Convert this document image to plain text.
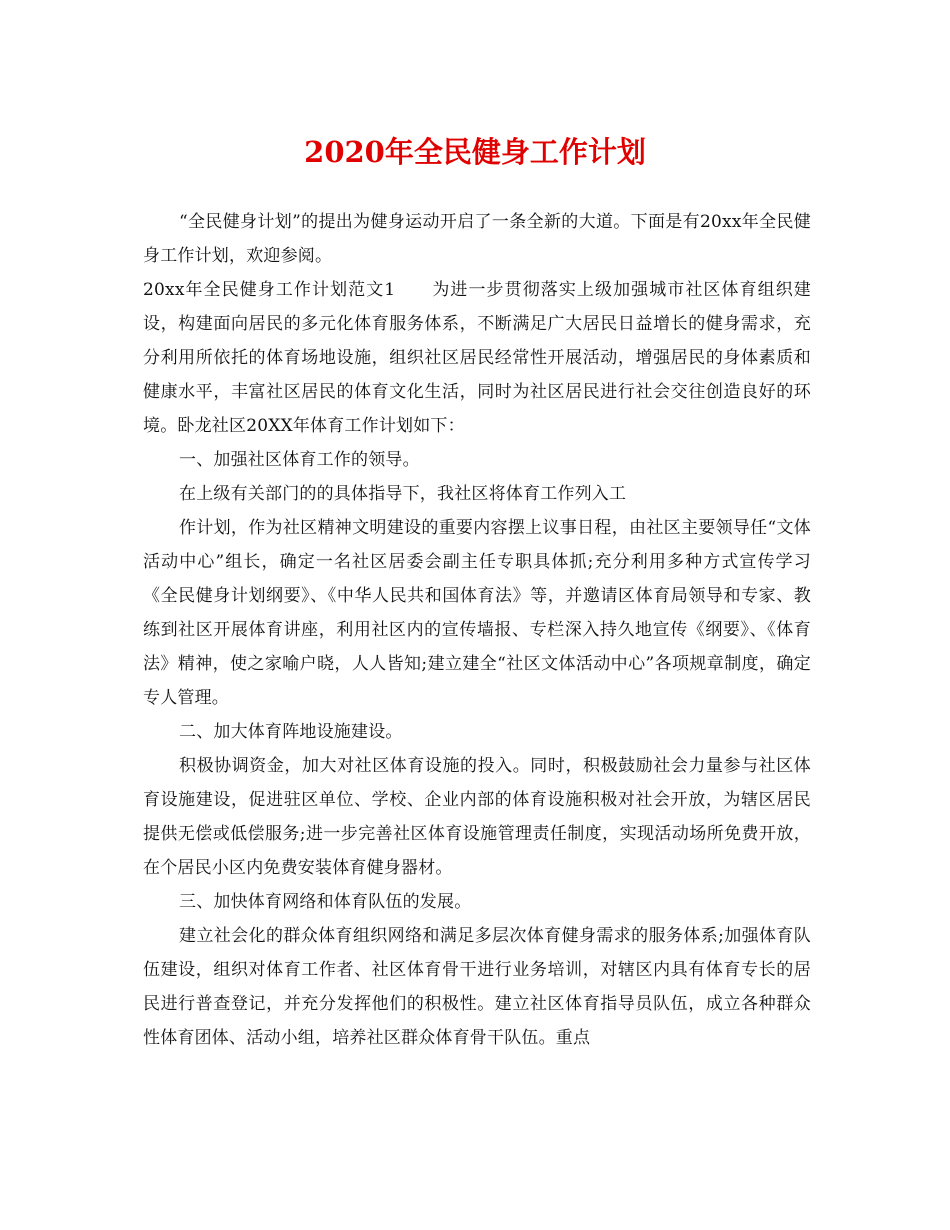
2020年全民健身工作计划

“全民健身计划”的提出为健身运动开启了一条全新的大道。下面是有20xx年全民健身工作计划，欢迎参阅。

20xx年全民健身工作计划范文1　　为进一步贯彻落实上级加强城市社区体育组织建设，构建面向居民的多元化体育服务体系，不断满足广大居民日益增长的健身需求，充分利用所依托的体育场地设施，组织社区居民经常性开展活动，增强居民的身体素质和健康水平，丰富社区居民的体育文化生活，同时为社区居民进行社会交往创造良好的环境。卧龙社区20XX年体育工作计划如下：

一、加强社区体育工作的领导。

在上级有关部门的的具体指导下，我社区将体育工作列入工

作计划，作为社区精神文明建设的重要内容摆上议事日程，由社区主要领导任“文体活动中心”组长，确定一名社区居委会副主任专职具体抓;充分利用多种方式宣传学习《全民健身计划纲要》、《中华人民共和国体育法》等，并邀请区体育局领导和专家、教练到社区开展体育讲座，利用社区内的宣传墙报、专栏深入持久地宣传《纲要》、《体育法》精神，使之家喻户晓，人人皆知;建立建全“社区文体活动中心”各项规章制度，确定专人管理。

二、加大体育阵地设施建设。

积极协调资金，加大对社区体育设施的投入。同时，积极鼓励社会力量参与社区体育设施建设，促进驻区单位、学校、企业内部的体育设施积极对社会开放，为辖区居民提供无偿或低偿服务;进一步完善社区体育设施管理责任制度，实现活动场所免费开放，在个居民小区内免费安装体育健身器材。

三、加快体育网络和体育队伍的发展。

建立社会化的群众体育组织网络和满足多层次体育健身需求的服务体系;加强体育队伍建设，组织对体育工作者、社区体育骨干进行业务培训，对辖区内具有体育专长的居民进行普查登记，并充分发挥他们的积极性。建立社区体育指导员队伍，成立各种群众性体育团体、活动小组，培养社区群众体育骨干队伍。重点
